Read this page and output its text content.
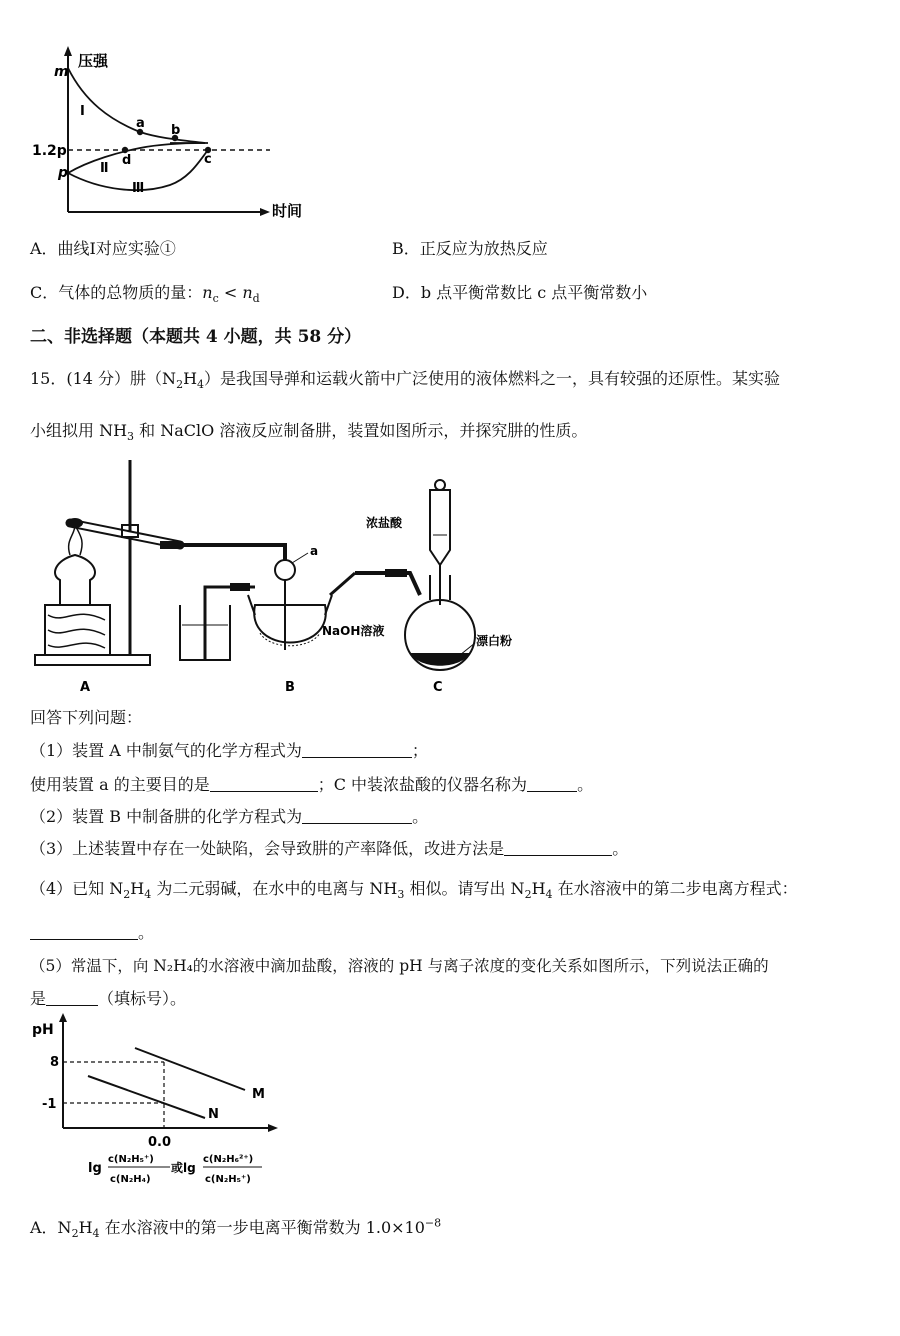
压强
时间
m
1.2p
p
a b
c
d
Ⅰ
Ⅱ
Ⅲ
A．曲线Ⅰ对应实验①	B．正反应为放热反应
C．气体的总物质的量：$n_c < n_d$	D．b 点平衡常数比 c 点平衡常数小
二、非选择题（本题共 4 小题，共 58 分）
15．(14 分）肼$(N_2H_4)$是我国导弹和运载火箭中广泛使用的液体燃料之一，具有较强的还原性。某实验
小组拟用 $NH_3$ 和 NaClO 溶液反应制备肼，装置如图所示，并探究肼的性质。
a
NaOH溶液
浓盐酸
漂白粉
A	B	C
回答下列问题：
（1）装置 A 中制氨气的化学方程式为	；
使用装置 a 的主要目的是	；C 中装浓盐酸的仪器名称为	。
（2）装置 B 中制备肼的化学方程式为	。
（3）上述装置中存在一处缺陷，会导致肼的产率降低，改进方法是	。
（4）已知 $N_2H_4$ 为二元弱碱，在水中的电离与 $NH_3$ 相似。请写出 $N_2H_4$ 在水溶液中的第二步电离方程式：
。
（5）常温下，向 N₂H₄的水溶液中滴加盐酸，溶液的 pH 与离子浓度的变化关系如图所示，下列说法正确的
是	（填标号）。
pH
8
-1
0.0
M
N
lg
c(N₂H₅⁺)
c(N₂H₄)
或lg
c(N₂H₆²⁺)
c(N₂H₅⁺)
A．$N_2H_4$ 在水溶液中的第一步电离平衡常数为 $1.0\times 10^{-8}$
